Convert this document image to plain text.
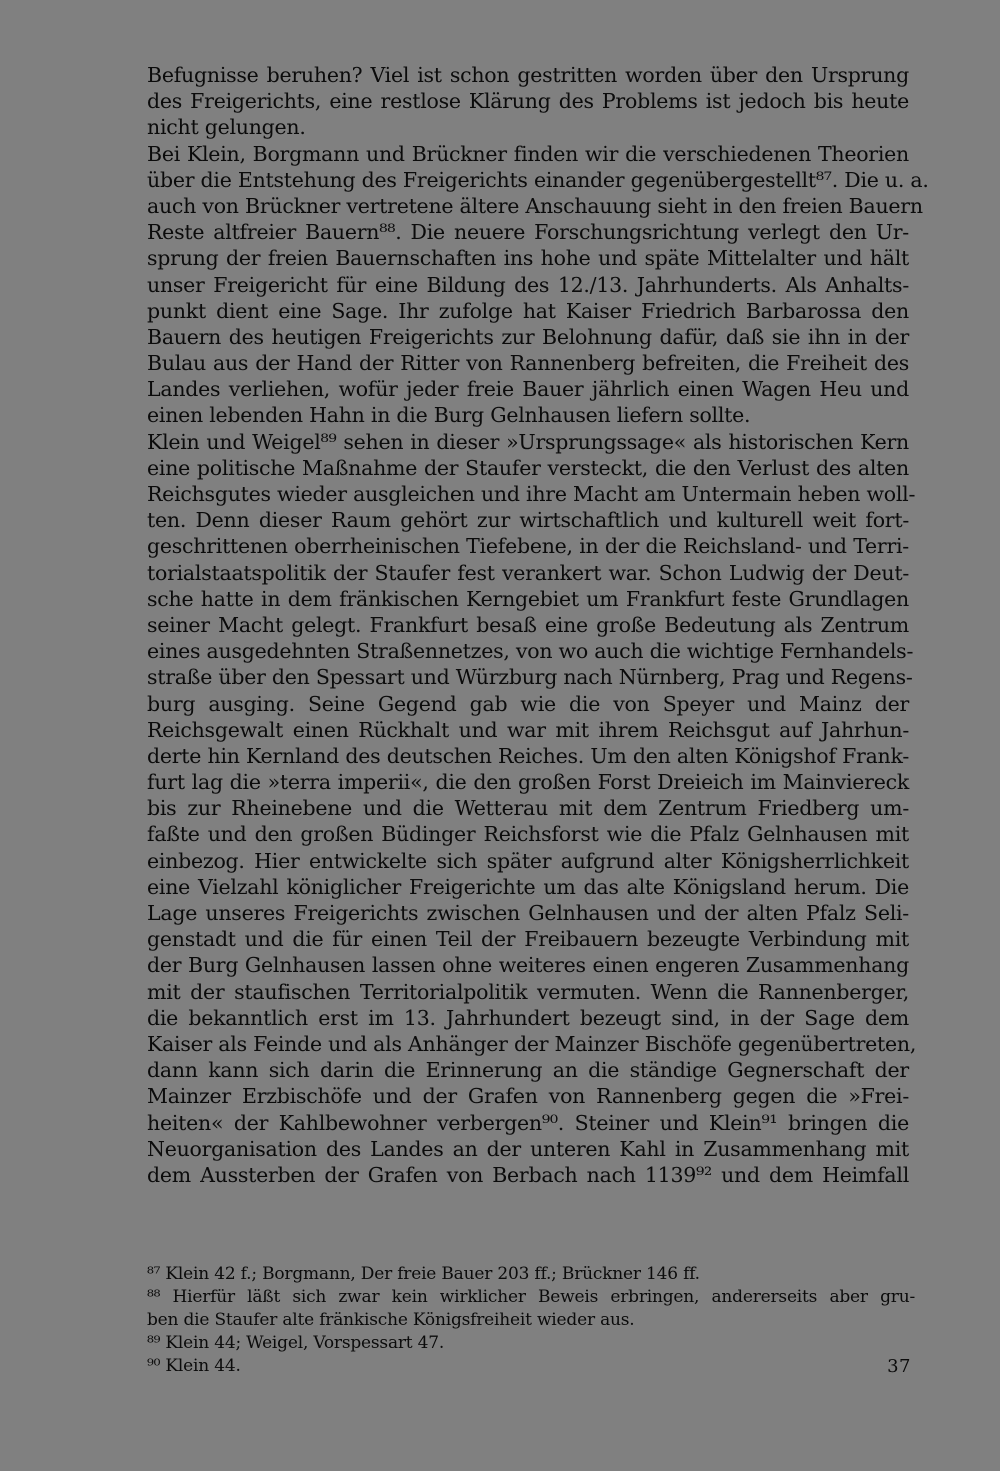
Befugnisse beruhen? Viel ist schon gestritten worden über den Ursprung
des Freigerichts, eine restlose Klärung des Problems ist jedoch bis heute
nicht gelungen.
Bei Klein, Borgmann und Brückner finden wir die verschiedenen Theorien
über die Entstehung des Freigerichts einander gegenübergestellt⁸⁷. Die u. a.
auch von Brückner vertretene ältere Anschauung sieht in den freien Bauern
Reste altfreier Bauern⁸⁸. Die neuere Forschungsrichtung verlegt den Ur-
sprung der freien Bauernschaften ins hohe und späte Mittelalter und hält
unser Freigericht für eine Bildung des 12./13. Jahrhunderts. Als Anhalts-
punkt dient eine Sage. Ihr zufolge hat Kaiser Friedrich Barbarossa den
Bauern des heutigen Freigerichts zur Belohnung dafür, daß sie ihn in der
Bulau aus der Hand der Ritter von Rannenberg befreiten, die Freiheit des
Landes verliehen, wofür jeder freie Bauer jährlich einen Wagen Heu und
einen lebenden Hahn in die Burg Gelnhausen liefern sollte.
Klein und Weigel⁸⁹ sehen in dieser »Ursprungssage« als historischen Kern
eine politische Maßnahme der Staufer versteckt, die den Verlust des alten
Reichsgutes wieder ausgleichen und ihre Macht am Untermain heben woll-
ten. Denn dieser Raum gehört zur wirtschaftlich und kulturell weit fort-
geschrittenen oberrheinischen Tiefebene, in der die Reichsland- und Terri-
torialstaatspolitik der Staufer fest verankert war. Schon Ludwig der Deut-
sche hatte in dem fränkischen Kerngebiet um Frankfurt feste Grundlagen
seiner Macht gelegt. Frankfurt besaß eine große Bedeutung als Zentrum
eines ausgedehnten Straßennetzes, von wo auch die wichtige Fernhandels-
straße über den Spessart und Würzburg nach Nürnberg, Prag und Regens-
burg ausging. Seine Gegend gab wie die von Speyer und Mainz der
Reichsgewalt einen Rückhalt und war mit ihrem Reichsgut auf Jahrhun-
derte hin Kernland des deutschen Reiches. Um den alten Königshof Frank-
furt lag die »terra imperii«, die den großen Forst Dreieich im Mainviereck
bis zur Rheinebene und die Wetterau mit dem Zentrum Friedberg um-
faßte und den großen Büdinger Reichsforst wie die Pfalz Gelnhausen mit
einbezog. Hier entwickelte sich später aufgrund alter Königsherrlichkeit
eine Vielzahl königlicher Freigerichte um das alte Königsland herum. Die
Lage unseres Freigerichts zwischen Gelnhausen und der alten Pfalz Seli-
genstadt und die für einen Teil der Freibauern bezeugte Verbindung mit
der Burg Gelnhausen lassen ohne weiteres einen engeren Zusammenhang
mit der staufischen Territorialpolitik vermuten. Wenn die Rannenberger,
die bekanntlich erst im 13. Jahrhundert bezeugt sind, in der Sage dem
Kaiser als Feinde und als Anhänger der Mainzer Bischöfe gegenübertreten,
dann kann sich darin die Erinnerung an die ständige Gegnerschaft der
Mainzer Erzbischöfe und der Grafen von Rannenberg gegen die »Frei-
heiten« der Kahlbewohner verbergen⁹⁰. Steiner und Klein⁹¹ bringen die
Neuorganisation des Landes an der unteren Kahl in Zusammenhang mit
dem Aussterben der Grafen von Berbach nach 1139⁹² und dem Heimfall
⁸⁷ Klein 42 f.; Borgmann, Der freie Bauer 203 ff.; Brückner 146 ff.
⁸⁸ Hierfür läßt sich zwar kein wirklicher Beweis erbringen, andererseits aber gru-
ben die Staufer alte fränkische Königsfreiheit wieder aus.
⁸⁹ Klein 44; Weigel, Vorspessart 47.
⁹⁰ Klein 44.	37
